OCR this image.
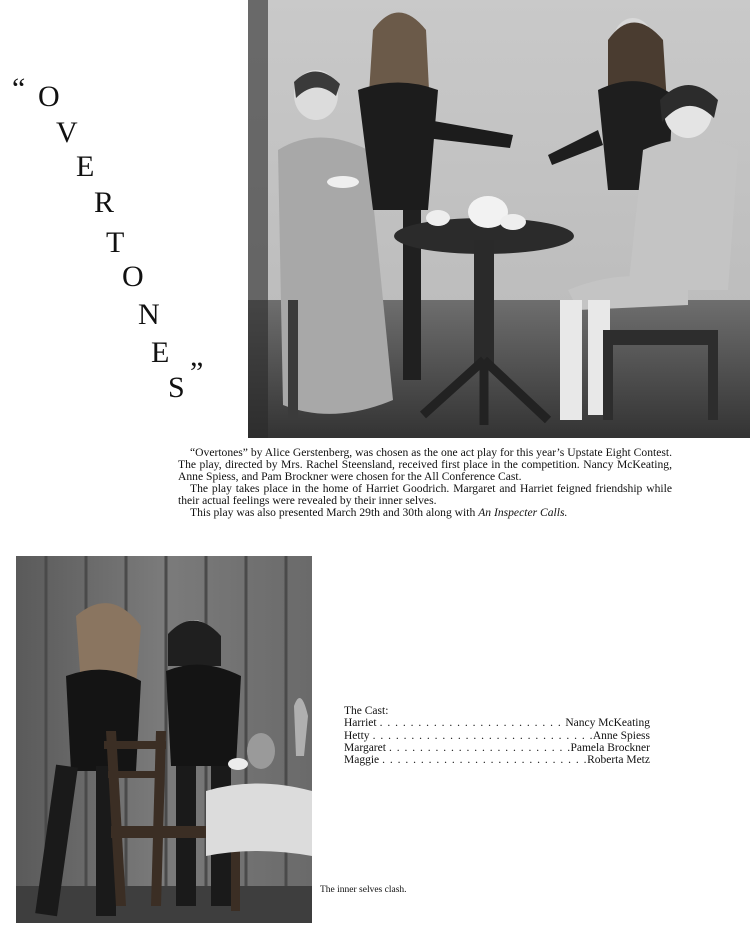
“ O
V
E
R
T
O
N
E
S ”

“Overtones” by Alice Gerstenberg, was chosen as the one act play for this year’s Upstate Eight Contest. The play, directed by Mrs. Rachel Steensland, received first place in the competition. Nancy McKeating, Anne Spiess, and Pam Brockner were chosen for the All Conference Cast.

The play takes place in the home of Harriet Goodrich. Margaret and Harriet feigned friendship while their actual feelings were revealed by their inner selves.

This play was also presented March 29th and 30th along with An Inspecter Calls.

The Cast:
Harriet . . .	Nancy McKeating
Hetty . . .	Anne Spiess
Margaret . . .	Pamela Brockner
Maggie . . .	Roberta Metz
The inner selves clash.
